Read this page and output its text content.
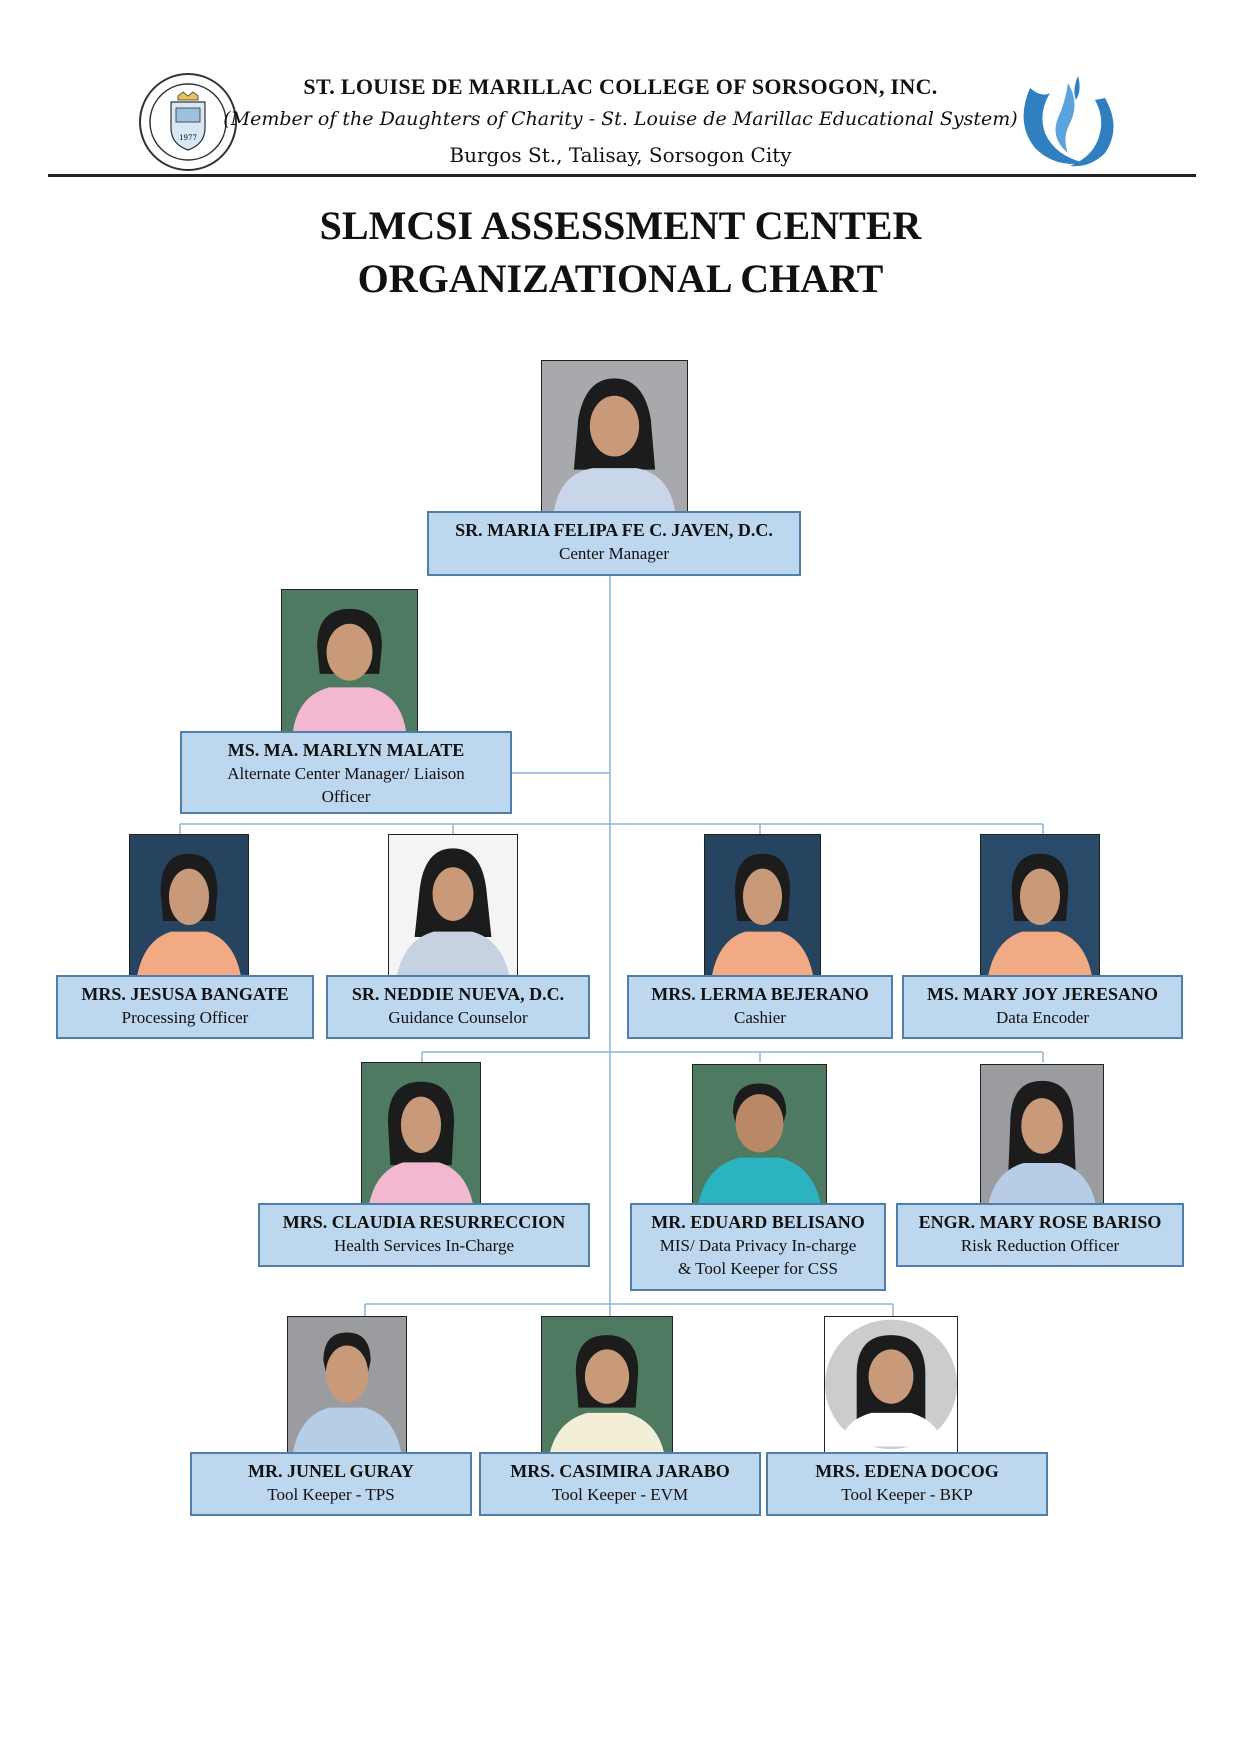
1977
ST. LOUISE DE MARILLAC COLLEGE OF SORSOGON, INC.
(Member of the Daughters of Charity - St. Louise de Marillac Educational System)
Burgos St., Talisay, Sorsogon City
SLMCSI ASSESSMENT CENTER
ORGANIZATIONAL CHART
SR. MARIA FELIPA FE C. JAVEN, D.C.
Center Manager
MS. MA. MARLYN MALATE
Alternate Center Manager/ Liaison
Officer
MRS. JESUSA BANGATE
Processing Officer
SR. NEDDIE NUEVA, D.C.
Guidance Counselor
MRS. LERMA BEJERANO
Cashier
MS. MARY JOY JERESANO
Data Encoder
MRS. CLAUDIA RESURRECCION
Health Services In-Charge
MR. EDUARD BELISANO
MIS/ Data Privacy In-charge
& Tool Keeper for CSS
ENGR. MARY ROSE BARISO
Risk Reduction Officer
MR. JUNEL GURAY
Tool Keeper - TPS
MRS. CASIMIRA JARABO
Tool Keeper - EVM
MRS. EDENA DOCOG
Tool Keeper - BKP
